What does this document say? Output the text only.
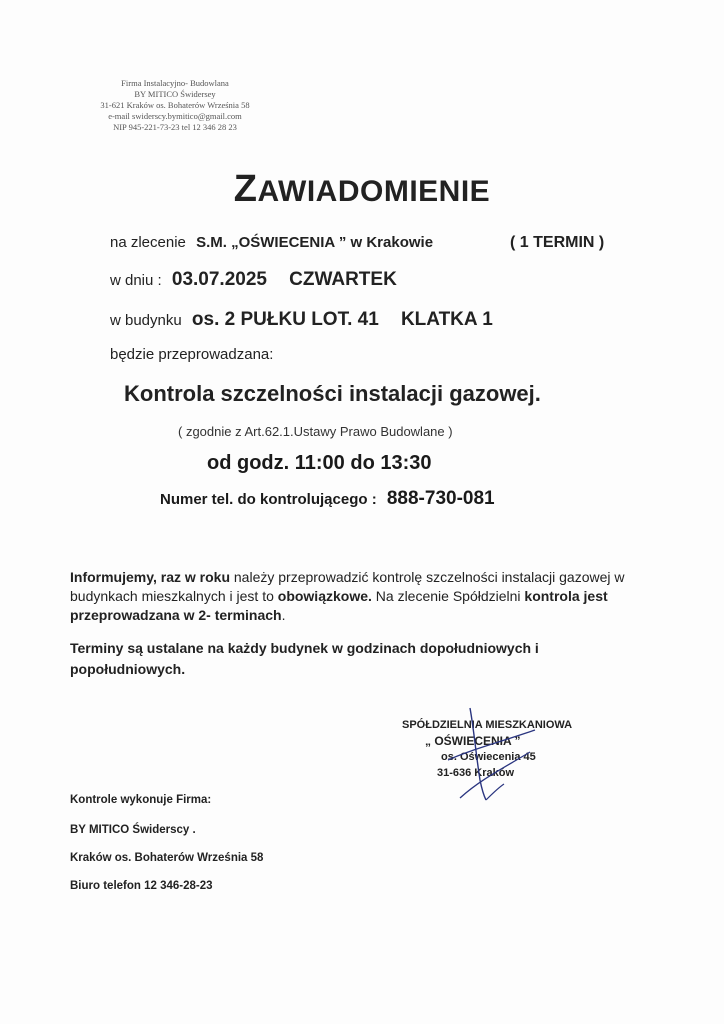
Firma Instalacyjno- Budowlana
BY MITICO Świdersey
31-621 Kraków os. Bohaterów Września 58
e-mail swiderscy.bymitico@gmail.com
NIP 945-221-73-23 tel 12 346 28 23
ZAWIADOMIENIE
na zlecenie S.M. „OŚWIECENIA ” w Krakowie	( 1 TERMIN )
w dniu : 03.07.2025 CZWARTEK
w budynku os. 2 PUŁKU LOT. 41 KLATKA 1
będzie przeprowadzana:
Kontrola szczelności instalacji gazowej.
( zgodnie z Art.62.1.Ustawy Prawo Budowlane )
od godz. 11:00 do 13:30
Numer tel. do kontrolującego : 888-730-081
Informujemy, raz w roku należy przeprowadzić kontrolę szczelności instalacji gazowej w budynkach mieszkalnych i jest to obowiązkowe. Na zlecenie Spółdzielni kontrola jest przeprowadzana w 2- terminach.
Terminy są ustalane na każdy budynek w godzinach dopołudniowych i popołudniowych.
SPÓŁDZIELNIA MIESZKANIOWA
„ OŚWIECENIA ”
os. Oświecenia 45
31-636 Kraków
Kontrole wykonuje Firma:
BY MITICO Świderscy .
Kraków os. Bohaterów Września 58
Biuro telefon 12 346-28-23
